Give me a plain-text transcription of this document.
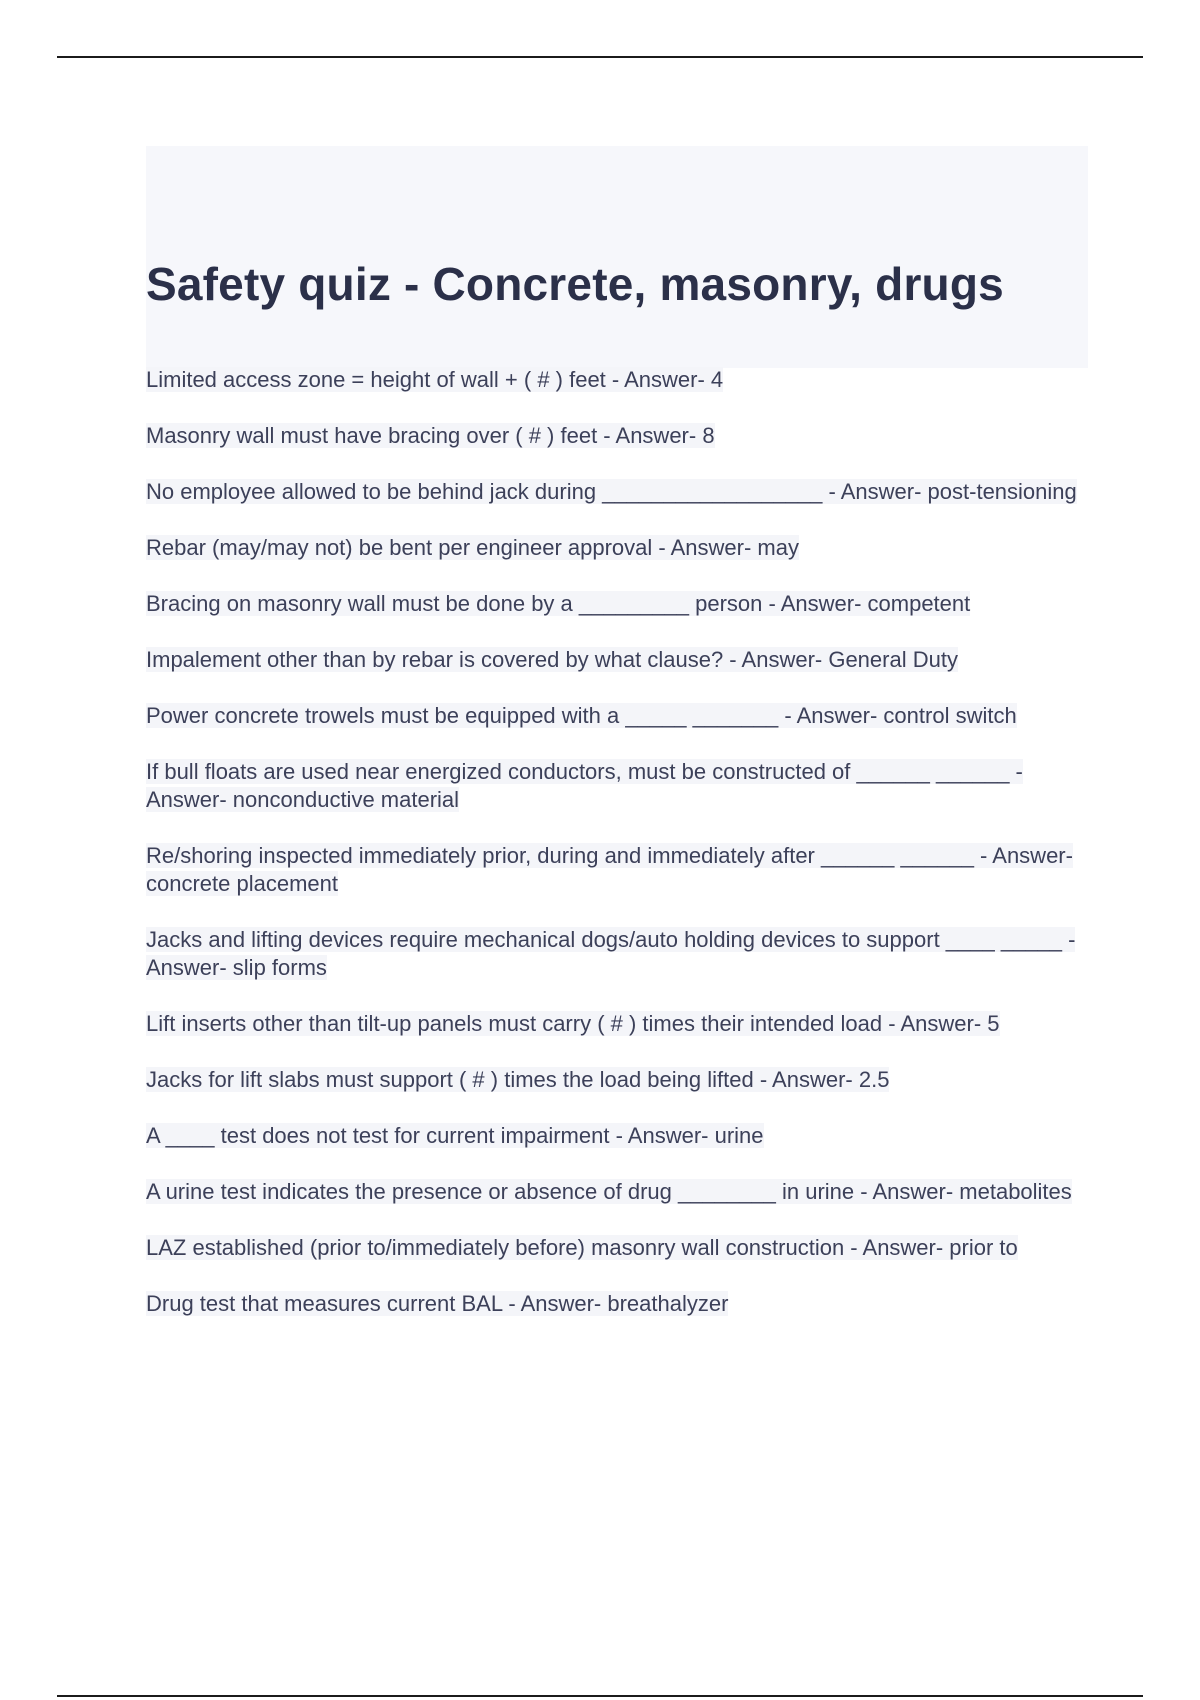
Safety quiz - Concrete, masonry, drugs

Limited access zone = height of wall + ( # ) feet - Answer- 4

Masonry wall must have bracing over ( # ) feet - Answer- 8

No employee allowed to be behind jack during __________________ - Answer- post-tensioning

Rebar (may/may not) be bent per engineer approval - Answer- may

Bracing on masonry wall must be done by a _________ person - Answer- competent

Impalement other than by rebar is covered by what clause? - Answer- General Duty

Power concrete trowels must be equipped with a _____ _______ - Answer- control switch

If bull floats are used near energized conductors, must be constructed of ______ ______ - Answer- nonconductive material

Re/shoring inspected immediately prior, during and immediately after ______ ______ - Answer- concrete placement

Jacks and lifting devices require mechanical dogs/auto holding devices to support ____ _____ - Answer- slip forms

Lift inserts other than tilt-up panels must carry ( # ) times their intended load - Answer- 5

Jacks for lift slabs must support ( # ) times the load being lifted - Answer- 2.5

A ____ test does not test for current impairment - Answer- urine

A urine test indicates the presence or absence of drug ________ in urine - Answer- metabolites

LAZ established (prior to/immediately before) masonry wall construction - Answer- prior to

Drug test that measures current BAL - Answer- breathalyzer
